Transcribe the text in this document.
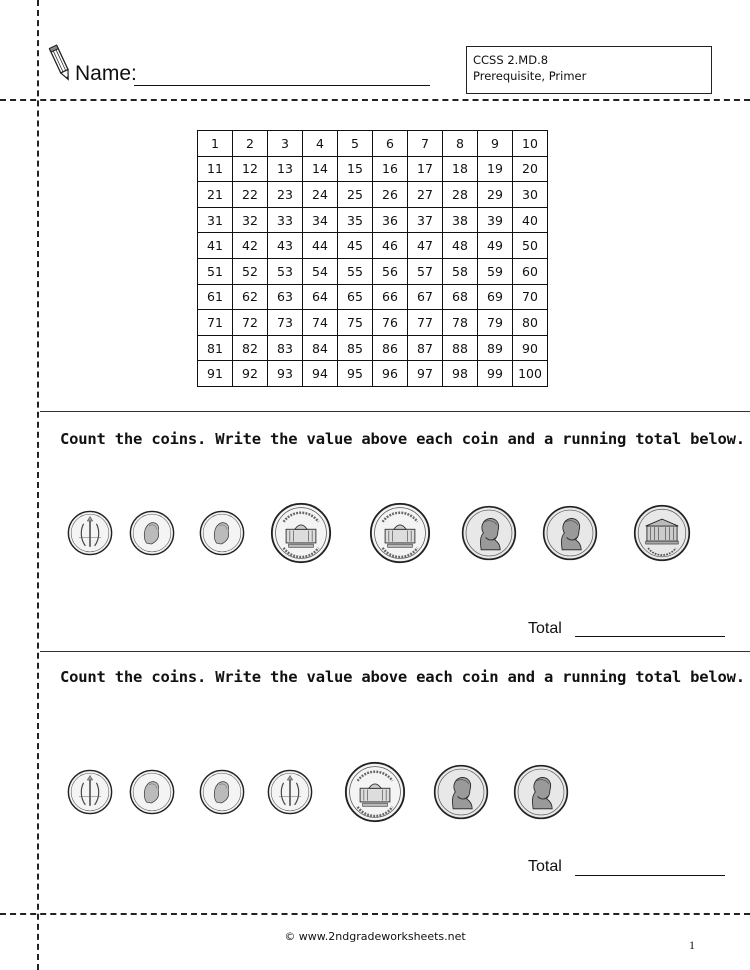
Name:
CCSS 2.MD.8
Prerequisite, Primer
1	2	3	4	5	6	7	8	9	10
11	12	13	14	15	16	17	18	19	20
21	22	23	24	25	26	27	28	29	30
31	32	33	34	35	36	37	38	39	40
41	42	43	44	45	46	47	48	49	50
51	52	53	54	55	56	57	58	59	60
61	62	63	64	65	66	67	68	69	70
71	72	73	74	75	76	77	78	79	80
81	82	83	84	85	86	87	88	89	90
91	92	93	94	95	96	97	98	99	100
Count the coins. Write the value above each coin and a running total below.
Total
Count the coins. Write the value above each coin and a running total below.
Total
© www.2ndgradeworksheets.net
1
